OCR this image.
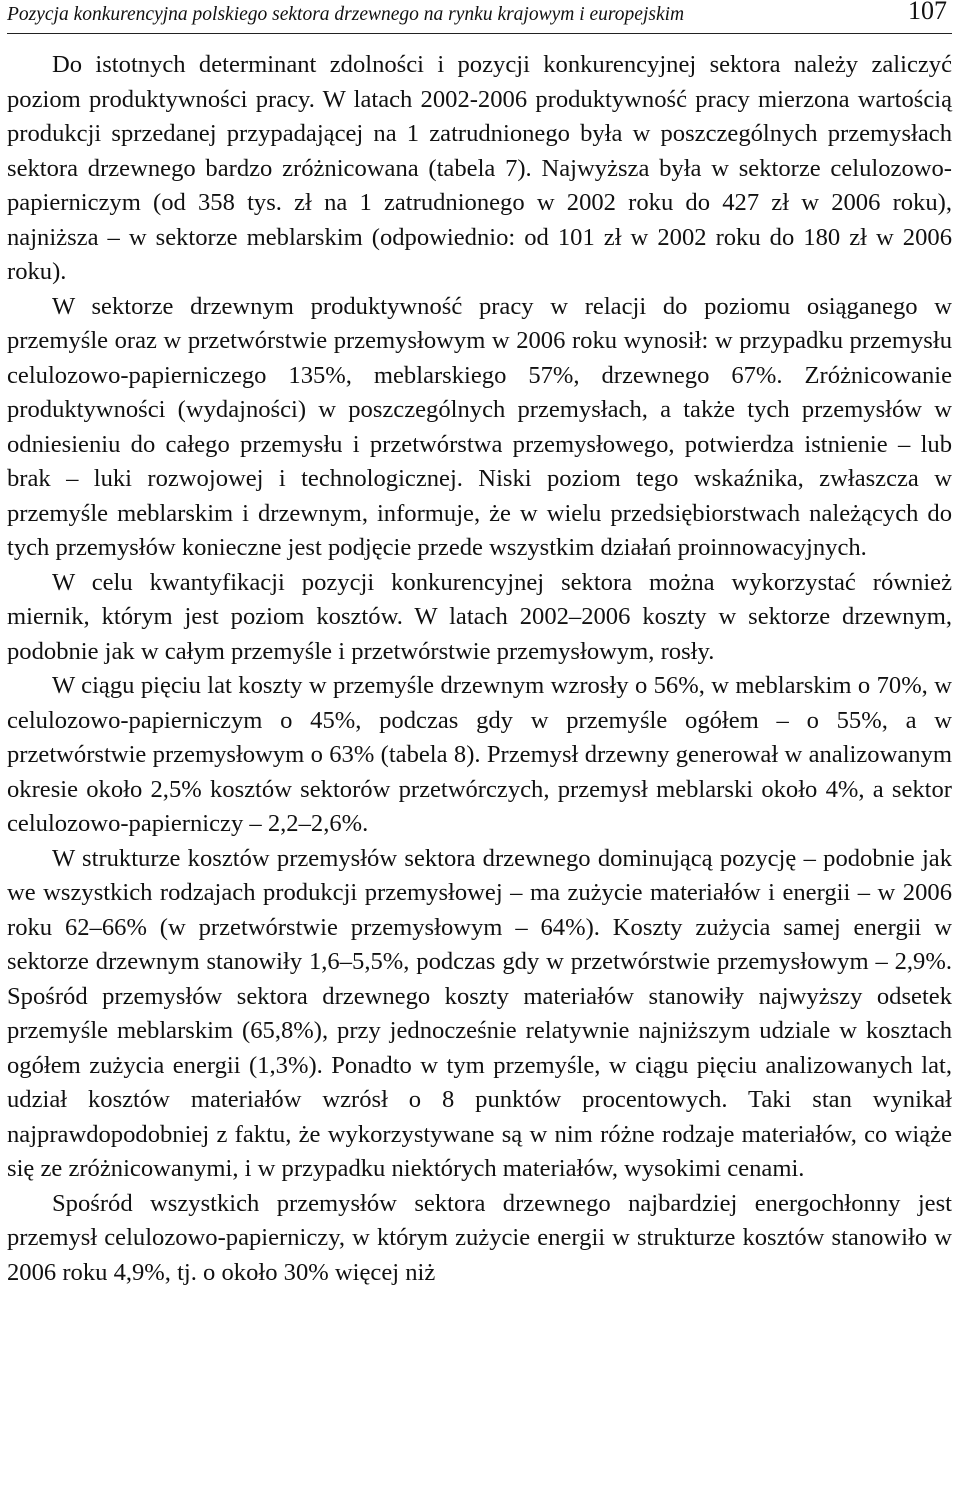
Pozycja konkurencyjna polskiego sektora drzewnego na rynku krajowym i europejskim	107

Do istotnych determinant zdolności i pozycji konkurencyjnej sektora należy zaliczyć poziom produktywności pracy. W latach 2002-2006 produktywność pracy mierzona wartością produkcji sprzedanej przypadającej na 1 zatrudnionego była w poszczególnych przemysłach sektora drzewnego bardzo zróżnicowana (tabela 7). Najwyższa była w sektorze celulozowo-papierniczym (od 358 tys. zł na 1 zatrudnionego w 2002 roku do 427 zł w 2006 roku), najniższa – w sektorze meblarskim (odpowiednio: od 101 zł w 2002 roku do 180 zł w 2006 roku).

W sektorze drzewnym produktywność pracy w relacji do poziomu osiąganego w przemyśle oraz w przetwórstwie przemysłowym w 2006 roku wynosił: w przypadku przemysłu celulozowo-papierniczego 135%, meblarskiego 57%, drzewnego 67%. Zróżnicowanie produktywności (wydajności) w poszczególnych przemysłach, a także tych przemysłów w odniesieniu do całego przemysłu i przetwórstwa przemysłowego, potwierdza istnienie – lub brak – luki rozwojowej i technologicznej. Niski poziom tego wskaźnika, zwłaszcza w przemyśle meblarskim i drzewnym, informuje, że w wielu przedsiębiorstwach należących do tych przemysłów konieczne jest podjęcie przede wszystkim działań proinnowacyjnych.

W celu kwantyfikacji pozycji konkurencyjnej sektora można wykorzystać również miernik, którym jest poziom kosztów. W latach 2002–2006 koszty w sektorze drzewnym, podobnie jak w całym przemyśle i przetwórstwie przemysłowym, rosły.

W ciągu pięciu lat koszty w przemyśle drzewnym wzrosły o 56%, w meblarskim o 70%, w celulozowo-papierniczym o 45%, podczas gdy w przemyśle ogółem – o 55%, a w przetwórstwie przemysłowym o 63% (tabela 8). Przemysł drzewny generował w analizowanym okresie około 2,5% kosztów sektorów przetwórczych, przemysł meblarski około 4%, a sektor celulozowo-papierniczy – 2,2–2,6%.

W strukturze kosztów przemysłów sektora drzewnego dominującą pozycję – podobnie jak we wszystkich rodzajach produkcji przemysłowej – ma zużycie materiałów i energii – w 2006 roku 62–66% (w przetwórstwie przemysłowym – 64%). Koszty zużycia samej energii w sektorze drzewnym stanowiły 1,6–5,5%, podczas gdy w przetwórstwie przemysłowym – 2,9%. Spośród przemysłów sektora drzewnego koszty materiałów stanowiły najwyższy odsetek przemyśle meblarskim (65,8%), przy jednocześnie relatywnie najniższym udziale w kosztach ogółem zużycia energii (1,3%). Ponadto w tym przemyśle, w ciągu pięciu analizowanych lat, udział kosztów materiałów wzrósł o 8 punktów procentowych. Taki stan wynikał najprawdopodobniej z faktu, że wykorzystywane są w nim różne rodzaje materiałów, co wiąże się ze zróżnicowanymi, i w przypadku niektórych materiałów, wysokimi cenami.

Spośród wszystkich przemysłów sektora drzewnego najbardziej energochłonny jest przemysł celulozowo-papierniczy, w którym zużycie energii w strukturze kosztów stanowiło w 2006 roku 4,9%, tj. o około 30% więcej niż
